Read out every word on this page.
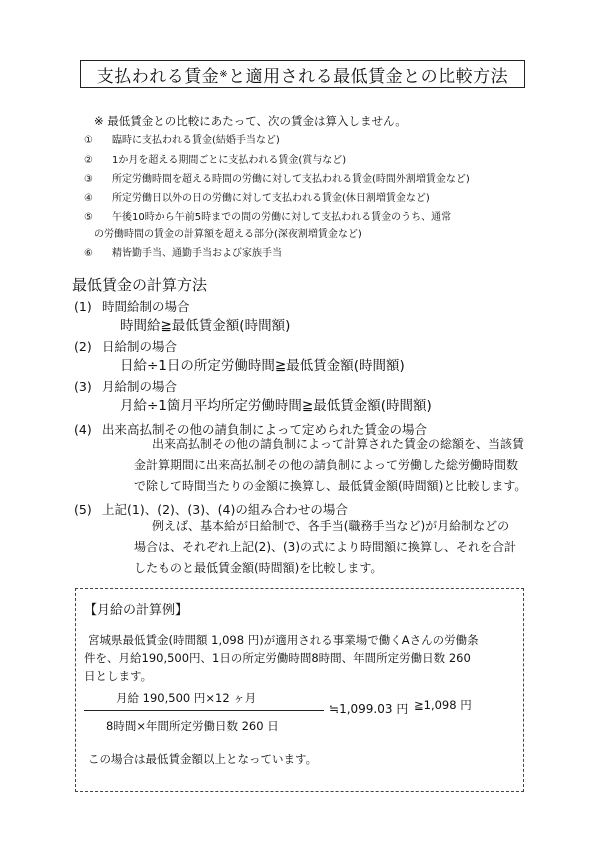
支払われる賃金 ※ と適用される最低賃金との比較方法
※ 最低賃金との比較にあたって、次の賃金は算入しません。
① 臨時に支払われる賃金(結婚手当など)
② 1か月を超える期間ごとに支払われる賃金(賞与など)
③ 所定労働時間を超える時間の労働に対して支払われる賃金(時間外割増賃金など)
④ 所定労働日以外の日の労働に対して支払われる賃金(休日割増賃金など)
⑤ 午後10時から午前5時までの間の労働に対して支払われる賃金のうち、通常
の労働時間の賃金の計算額を超える部分(深夜割増賃金など)
⑥ 精皆勤手当、通勤手当および家族手当
最低賃金の計算方法
(1) 時間給制の場合
時間給≧最低賃金額(時間額)
(2) 日給制の場合
日給÷1日の所定労働時間≧最低賃金額(時間額)
(3) 月給制の場合
月給÷1箇月平均所定労働時間≧最低賃金額(時間額)
(4) 出来高払制その他の請負制によって定められた賃金の場合
出来高払制その他の請負制によって計算された賃金の総額を、当該賃
金計算期間に出来高払制その他の請負制によって労働した総労働時間数
で除して時間当たりの金額に換算し、最低賃金額(時間額)と比較します。
(5) 上記(1)、(2)、(3)、(4)の組み合わせの場合
例えば、基本給が日給制で、各手当(職務手当など)が月給制などの
場合は、それぞれ上記(2)、(3)の式により時間額に換算し、それを合計
したものと最低賃金額(時間額)を比較します。
【月給の計算例】
宮城県最低賃金(時間額 1,098 円)が適用される事業場で働くAさんの労働条
件を、月給190,500円、1日の所定労働時間8時間、年間所定労働日数 260
日とします。
月給 190,500 円×12 ヶ月
8時間×年間所定労働日数 260 日
≒1,099.03 円 ≧1,098 円
この場合は最低賃金額以上となっています。
